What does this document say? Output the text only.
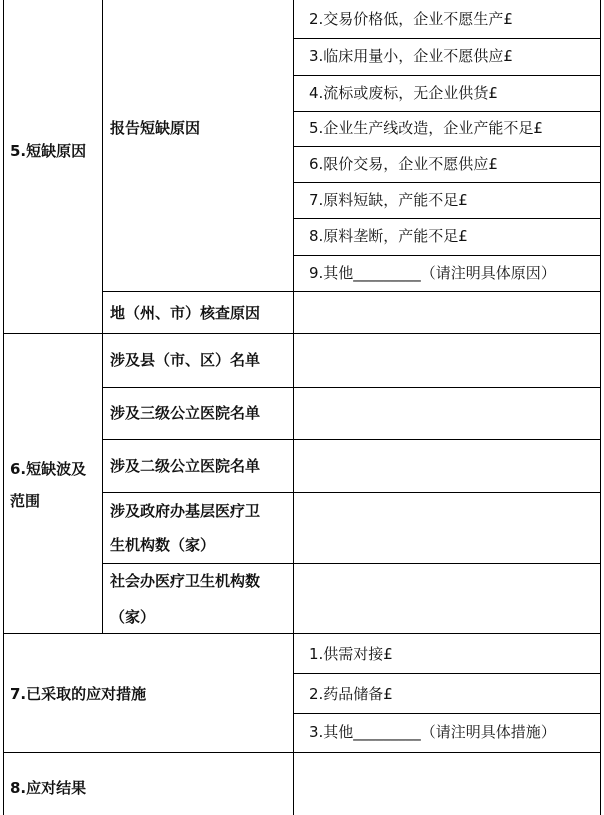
5.短缺原因
报告短缺原因
2.交易价格低，企业不愿生产£
3.临床用量小，企业不愿供应£
4.流标或废标，无企业供货£
5.企业生产线改造，企业产能不足£
6.限价交易，企业不愿供应£
7.原料短缺，产能不足£
8.原料垄断，产能不足£
9.其他_________（请注明具体原因）
地（州、市）核查原因
6.短缺波及
范围
涉及县（市、区）名单
涉及三级公立医院名单
涉及二级公立医院名单
涉及政府办基层医疗卫
生机构数（家）
社会办医疗卫生机构数
（家）
7.已采取的应对措施
1.供需对接£
2.药品储备£
3.其他_________（请注明具体措施）
8.应对结果
